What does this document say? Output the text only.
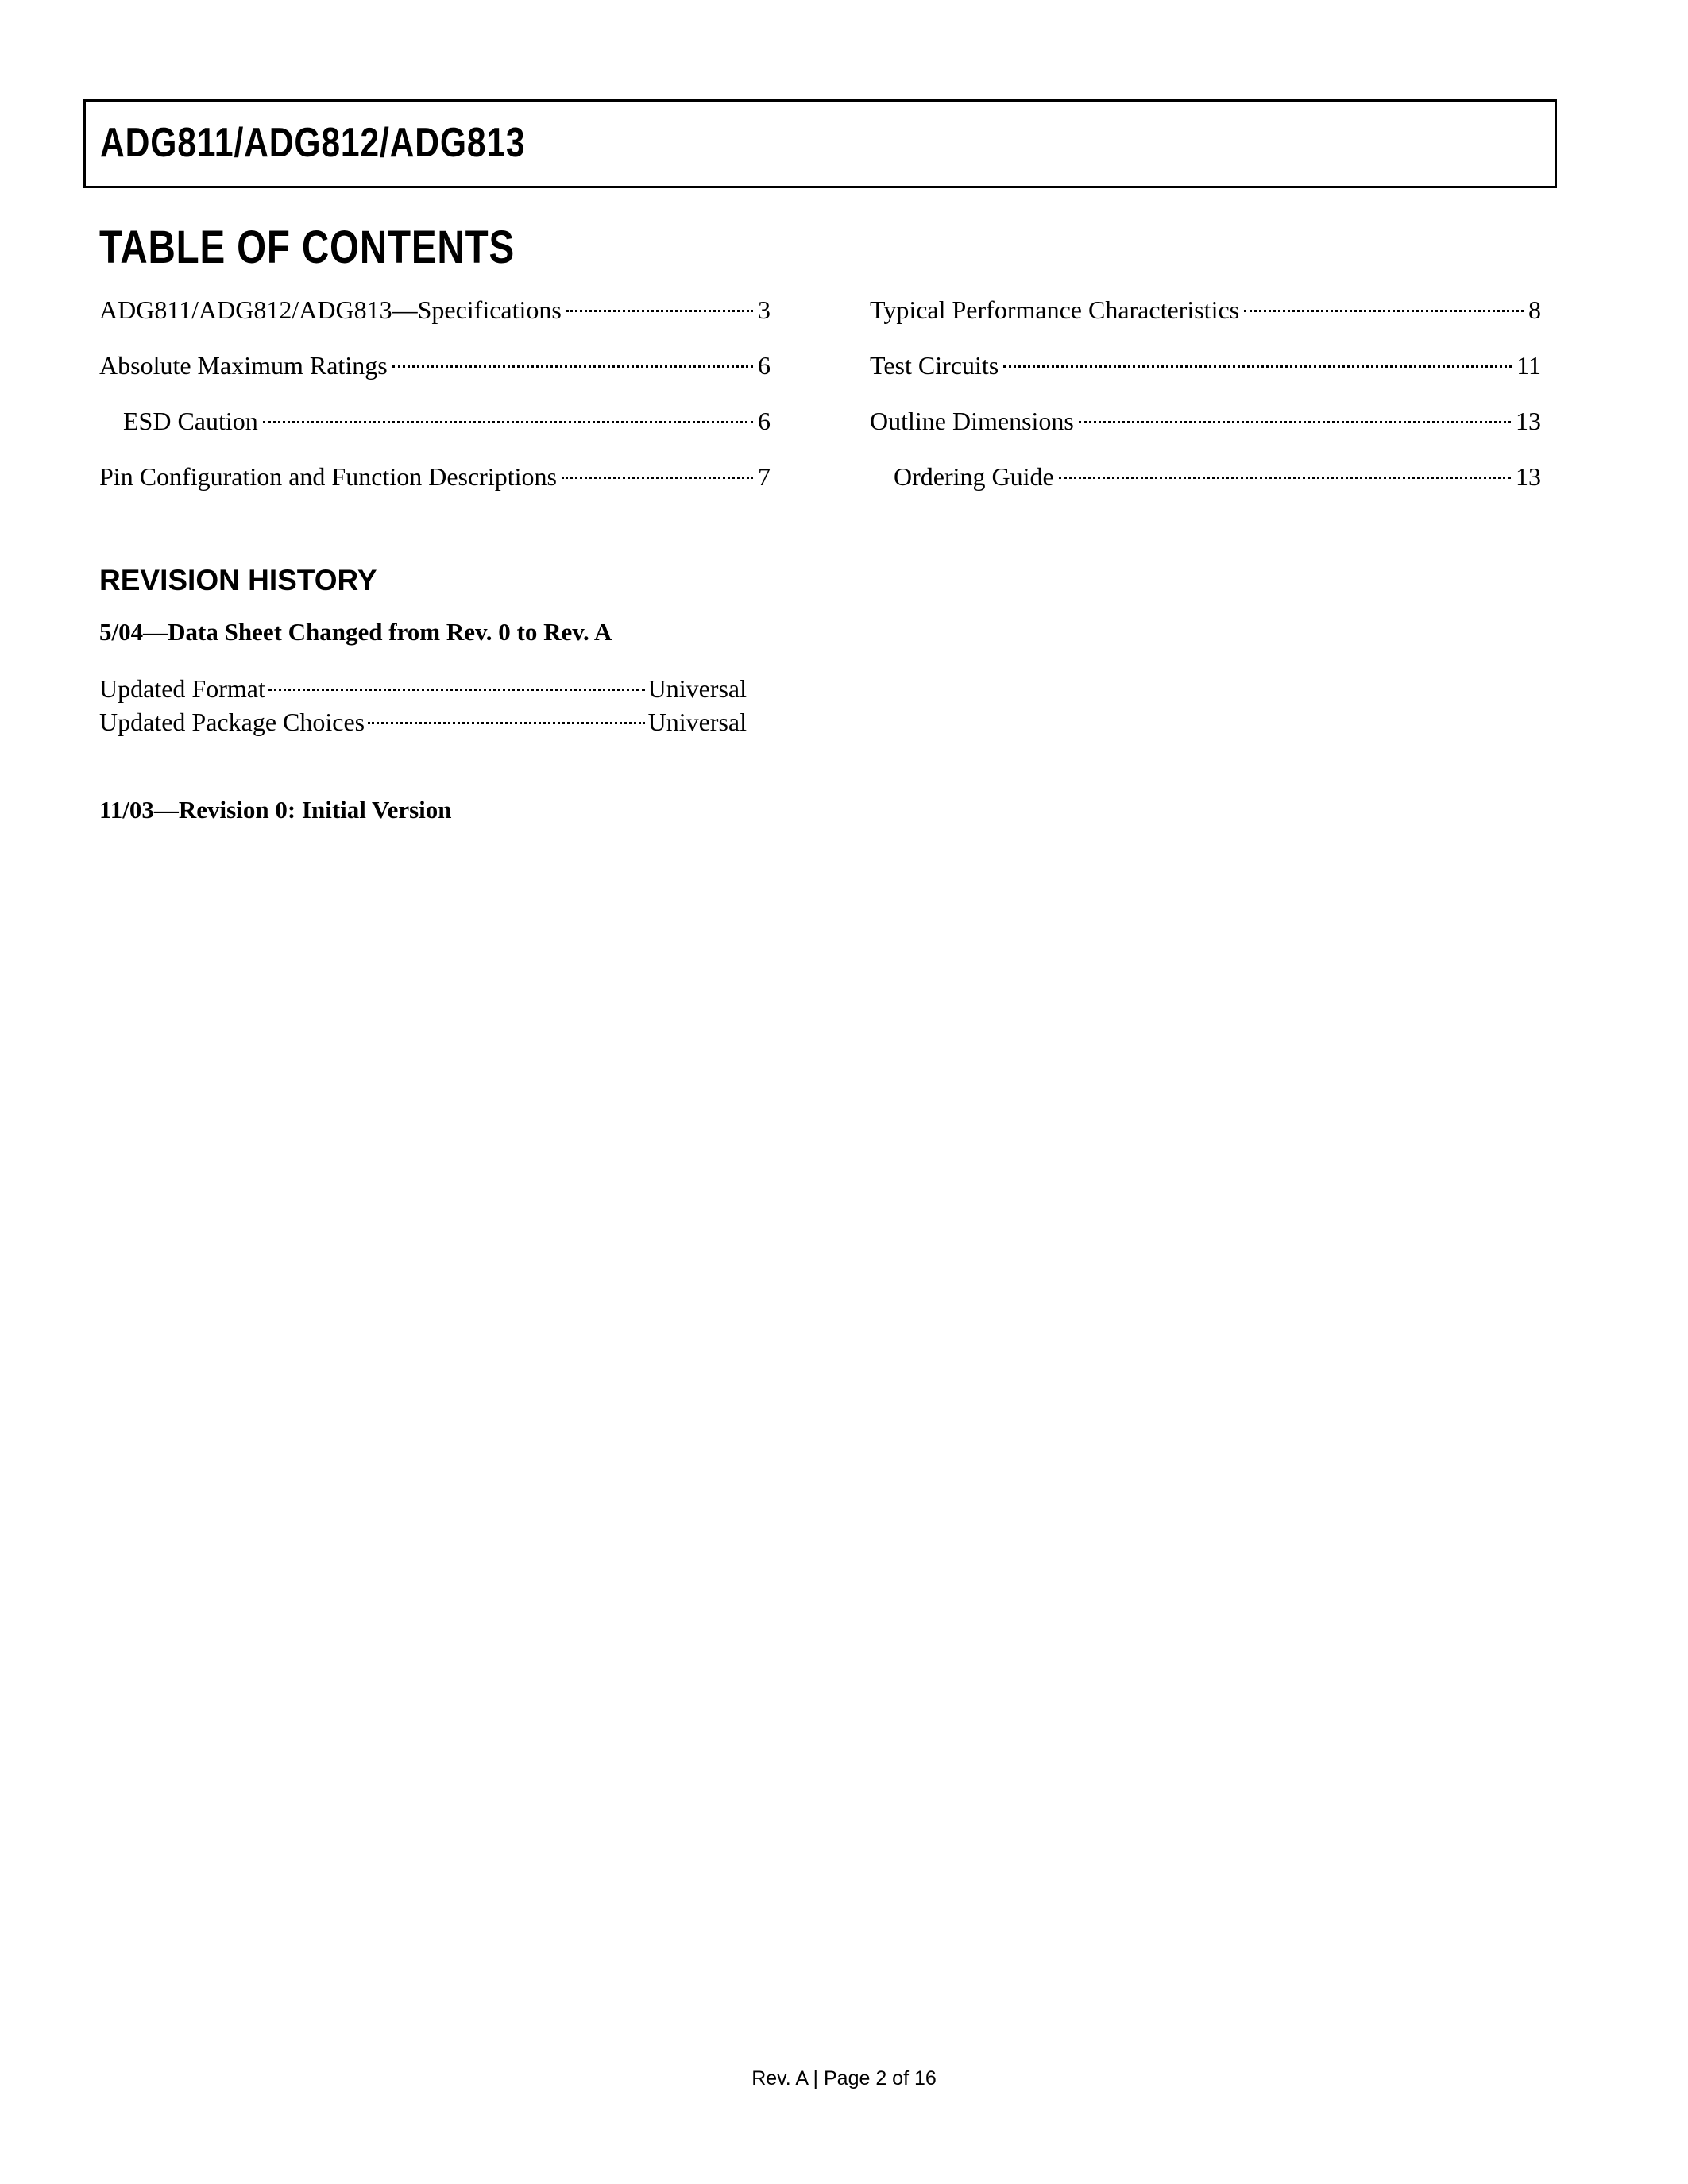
ADG811/ADG812/ADG813
TABLE OF CONTENTS
ADG811/ADG812/ADG813—Specifications	3
Absolute Maximum Ratings	6
ESD Caution	6
Pin Configuration and Function Descriptions	7
Typical Performance Characteristics	8
Test Circuits	11
Outline Dimensions	13
Ordering Guide	13
REVISION HISTORY
5/04—Data Sheet Changed from Rev. 0 to Rev. A
Updated Format	Universal
Updated Package Choices	Universal
11/03—Revision 0: Initial Version
Rev. A | Page 2 of 16
